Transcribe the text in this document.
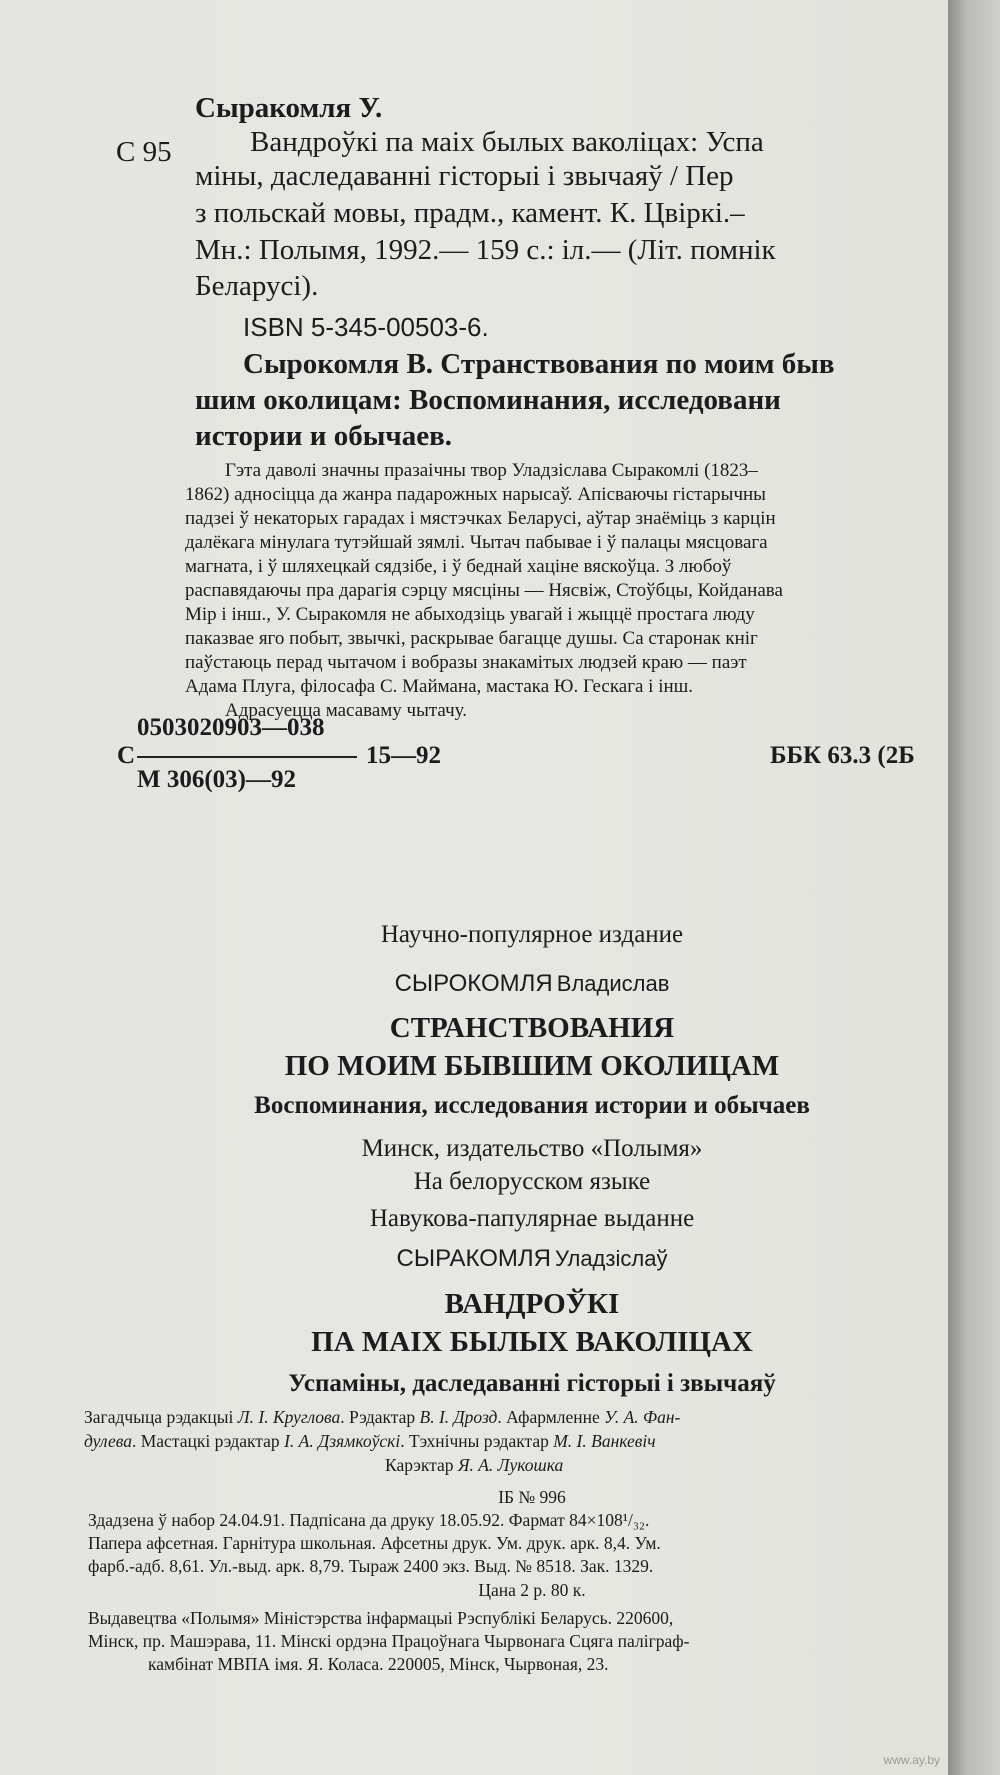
Сыракомля У.
С 95	Вандроўкі па маіх былых ваколіцах: Успа
міны, даследаванні гісторыі і звычаяў / Пер
з польскай мовы, прадм., камент. К. Цвіркі.–
Мн.: Полымя, 1992.— 159 с.: іл.— (Літ. помнік
Беларусі).
ISBN 5-345-00503-6.
Сырокомля В. Странствования по моим быв
шим околицам: Воспоминания, исследовани
истории и обычаев.
Гэта даволі значны празаічны твор Уладзіслава Сыракомлі (1823–
1862) адносіцца да жанра падарожных нарысаў. Апісваючы гістарычны
падзеі ў некаторых гарадах і мястэчках Беларусі, аўтар знаёміць з карцін
далёкага мінулага тутэйшай зямлі. Чытач пабывае і ў палацы мясцовага
магната, і ў шляхецкай сядзібе, і ў беднай хаціне вяскоўца. З любоў
распавядаючы пра дарагія сэрцу мясціны — Нясвіж, Стоўбцы, Койданава
Мір і інш., У. Сыракомля не абыходзіць увагай і жыццё простага люду
паказвае яго побыт, звычкі, раскрывае багацце душы. Са старонак кніг
паўстаюць перад чытачом і вобразы знакамітых людзей краю — паэт
Адама Плуга, філосафа С. Маймана, мастака Ю. Гескага і інш.
Адрасуецца масаваму чытачу.
0503020903—038
С
М 306(03)—92
15—92	ББК 63.3 (2Б
Научно-популярное издание
СЫРОКОМЛЯ Владислав
СТРАНСТВОВАНИЯ
ПО МОИМ БЫВШИМ ОКОЛИЦАМ
Воспоминания, исследования истории и обычаев
Минск, издательство «Полымя»
На белорусском языке
Навукова-папулярнае выданне
СЫРАКОМЛЯ Уладзіслаў
ВАНДРОЎКІ
ПА МАІХ БЫЛЫХ ВАКОЛІЦАХ
Успаміны, даследаванні гісторыі і звычаяў
Загадчыца рэдакцыі Л. І. Круглова. Рэдактар В. І. Дрозд. Афармленне У. А. Фан-
дулева. Мастацкі рэдактар І. А. Дзямкоўскі. Тэхнічны рэдактар М. І. Ванкевіч
Карэктар Я. А. Лукошка
ІБ № 996
Здадзена ў набор 24.04.91. Падпісана да друку 18.05.92. Фармат 84×108¹/₃₂.
Папера афсетная. Гарнітура школьная. Афсетны друк. Ум. друк. арк. 8,4. Ум.
фарб.-адб. 8,61. Ул.-выд. арк. 8,79. Тыраж 2400 экз. Выд. № 8518. Зак. 1329.
Цана 2 р. 80 к.
Выдавецтва «Полымя» Міністэрства інфармацыі Рэспублікі Беларусь. 220600,
Мінск, пр. Машэрава, 11. Мінскі ордэна Працоўнага Чырвонага Сцяга паліграф-
камбінат МВПА імя. Я. Коласа. 220005, Мінск, Чырвоная, 23.
www.ay.by
